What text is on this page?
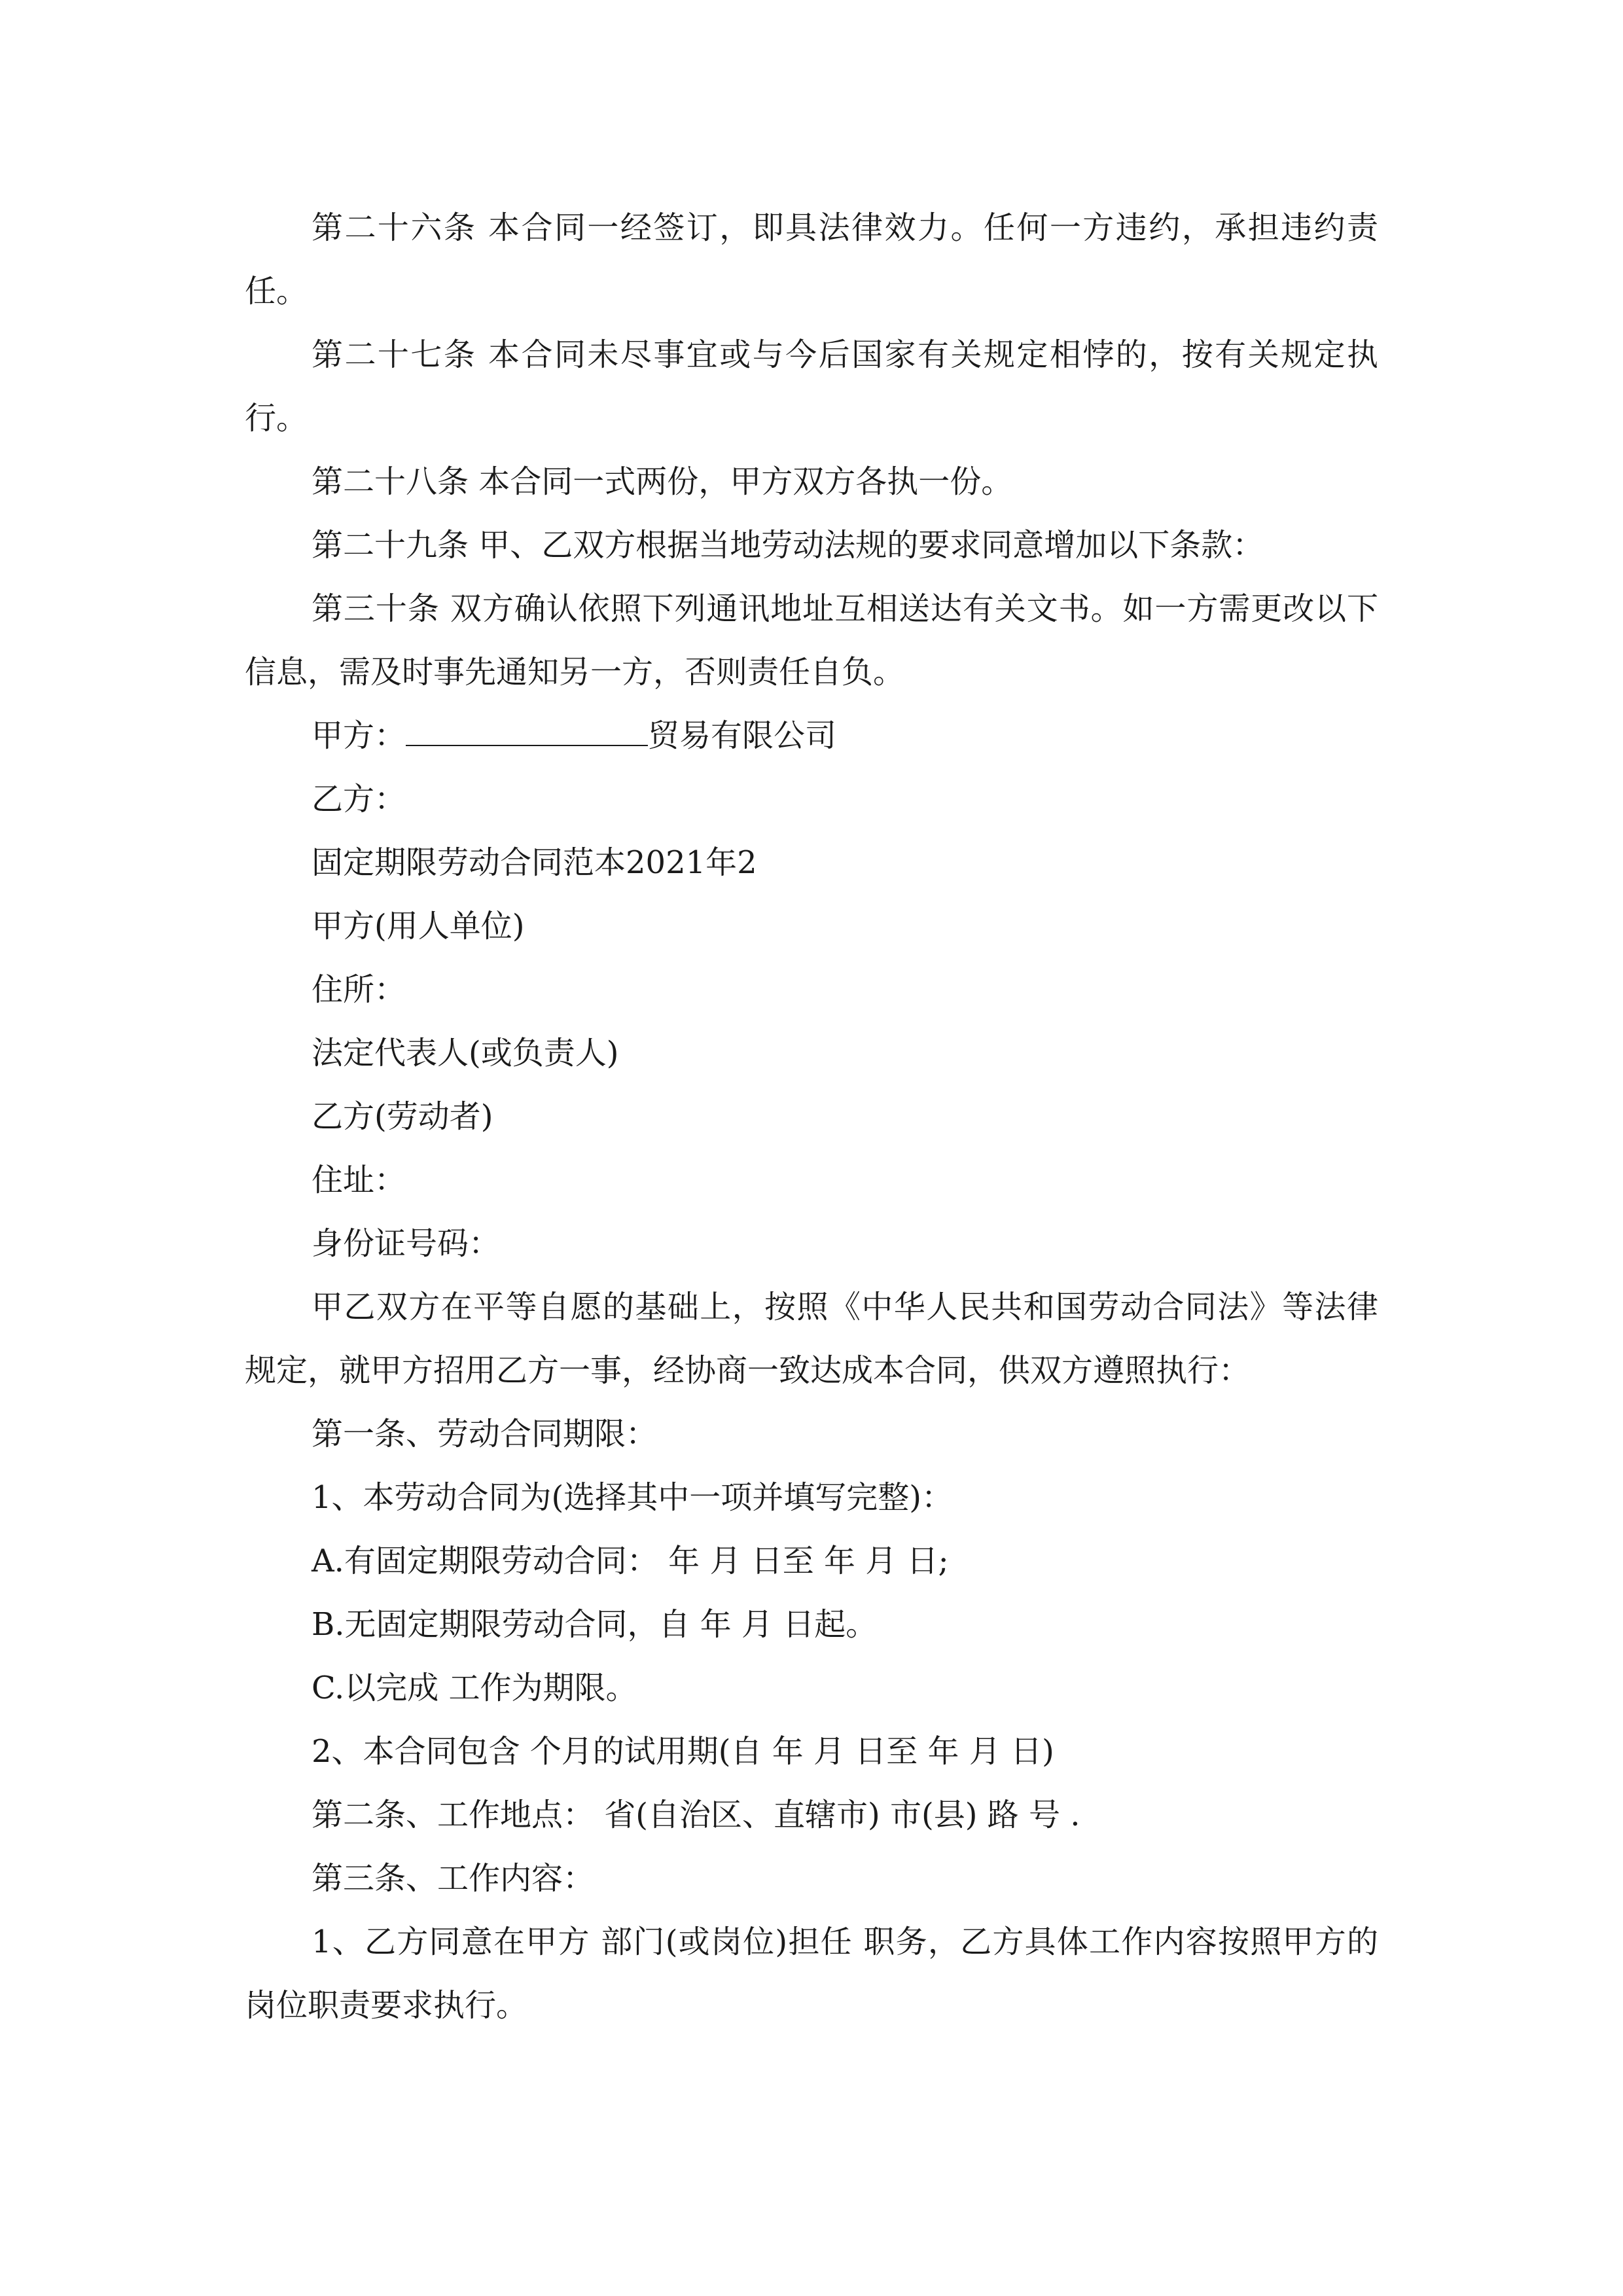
第二十六条 本合同一经签订，即具法律效力。任何一方违约，承担违约责任。

第二十七条 本合同未尽事宜或与今后国家有关规定相悖的，按有关规定执行。

第二十八条 本合同一式两份，甲方双方各执一份。

第二十九条 甲、乙双方根据当地劳动法规的要求同意增加以下条款：

第三十条 双方确认依照下列通讯地址互相送达有关文书。如一方需更改以下信息，需及时事先通知另一方，否则责任自负。

甲方：	贸易有限公司

乙方：

固定期限劳动合同范本2021年2

甲方(用人单位)

住所：

法定代表人(或负责人)

乙方(劳动者)

住址：

身份证号码：

甲乙双方在平等自愿的基础上，按照《中华人民共和国劳动合同法》等法律规定，就甲方招用乙方一事，经协商一致达成本合同，供双方遵照执行：

第一条、劳动合同期限：

1、本劳动合同为(选择其中一项并填写完整)：

A.有固定期限劳动合同： 年 月 日至 年 月 日;

B.无固定期限劳动合同，自 年 月 日起。

C.以完成 工作为期限。

2、本合同包含 个月的试用期(自 年 月 日至 年 月 日)

第二条、工作地点： 省(自治区、直辖市) 市(县) 路 号 .

第三条、工作内容：

1、乙方同意在甲方 部门(或岗位)担任 职务，乙方具体工作内容按照甲方的岗位职责要求执行。
